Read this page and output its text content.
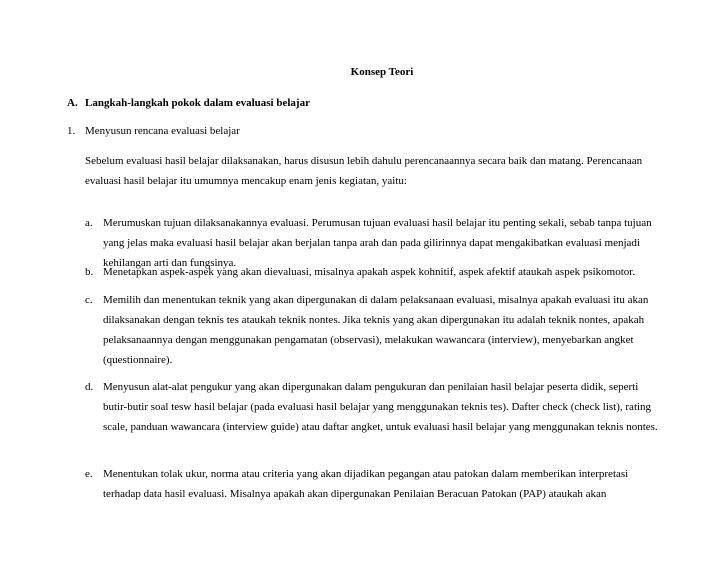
Konsep Teori
A. Langkah-langkah pokok dalam evaluasi belajar
1. Menyusun rencana evaluasi belajar
Sebelum evaluasi hasil belajar dilaksanakan, harus disusun lebih dahulu perencanaannya secara baik dan matang. Perencanaan evaluasi hasil belajar itu umumnya mencakup enam jenis kegiatan, yaitu:
a. Merumuskan tujuan dilaksanakannya evaluasi. Perumusan tujuan evaluasi hasil belajar itu penting sekali, sebab tanpa tujuan yang jelas maka evaluasi hasil belajar akan berjalan tanpa arah dan pada gilirinnya dapat mengakibatkan evaluasi menjadi kehilangan arti dan fungsinya.
b. Menetapkan aspek-aspek yang akan dievaluasi, misalnya apakah aspek kohnitif, aspek afektif ataukah aspek psikomotor.
c. Memilih dan menentukan teknik yang akan dipergunakan di dalam pelaksanaan evaluasi, misalnya apakah evaluasi itu akan dilaksanakan dengan teknis tes ataukah teknik nontes. Jika teknis yang akan dipergunakan itu adalah teknik nontes, apakah pelaksanaannya dengan menggunakan pengamatan (observasi), melakukan wawancara (interview), menyebarkan angket (questionnaire).
d. Menyusun alat-alat pengukur yang akan dipergunakan dalam pengukuran dan penilaian hasil belajar peserta didik, seperti butir-butir soal tesw hasil belajar (pada evaluasi hasil belajar yang menggunakan teknis tes). Dafter check (check list), rating scale, panduan wawancara (interview guide) atau daftar angket, untuk evaluasi hasil belajar yang menggunakan teknis nontes.
e. Menentukan tolak ukur, norma atau criteria yang akan dijadikan pegangan atau patokan dalam memberikan interpretasi terhadap data hasil evaluasi. Misalnya apakah akan dipergunakan Penilaian Beracuan Patokan (PAP) ataukah akan
